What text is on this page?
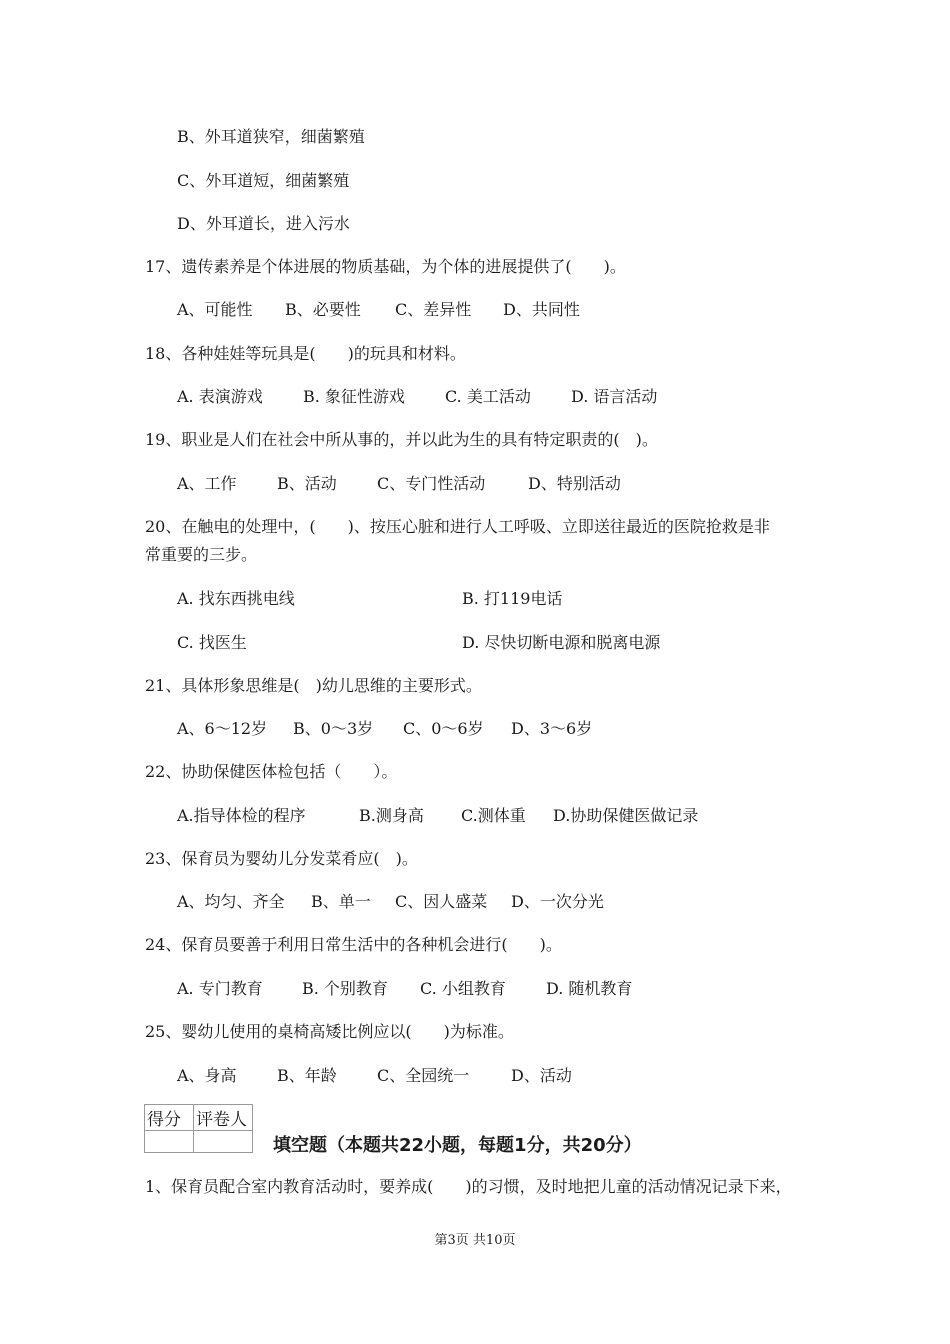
B、外耳道狭窄，细菌繁殖
C、外耳道短，细菌繁殖
D、外耳道长，进入污水
17、遗传素养是个体进展的物质基础，为个体的进展提供了(　　)。
A、可能性 B、必要性 C、差异性 D、共同性
18、各种娃娃等玩具是(　　)的玩具和材料。
A. 表演游戏	B. 象征性游戏	C. 美工活动	D. 语言活动
19、职业是人们在社会中所从事的，并以此为生的具有特定职责的(　)。
A、工作	B、活动	C、专门性活动	D、特别活动
20、在触电的处理中，(　　)、按压心脏和进行人工呼吸、立即送往最近的医院抢救是非
常重要的三步。
A. 找东西挑电线	B. 打119电话
C. 找医生	D. 尽快切断电源和脱离电源
21、具体形象思维是(　)幼儿思维的主要形式。
A、6～12岁 B、0～3岁 C、0～6岁 D、3～6岁
22、协助保健医体检包括（　　）。
A.指导体检的程序	B.测身高 C.测体重 D.协助保健医做记录
23、保育员为婴幼儿分发菜肴应(　)。
A、均匀、齐全 B、单一 C、因人盛菜 D、一次分光
24、保育员要善于利用日常生活中的各种机会进行(　　)。
A. 专门教育 B. 个别教育 C. 小组教育	D. 随机教育
25、婴幼儿使用的桌椅高矮比例应以(　　)为标准。
A、身高	B、年龄	C、全园统一	D、活动
得分	评卷人

填空题（本题共22小题，每题1分，共20分）
1、保育员配合室内教育活动时，要养成(　　)的习惯，及时地把儿童的活动情况记录下来，
第3页 共10页
